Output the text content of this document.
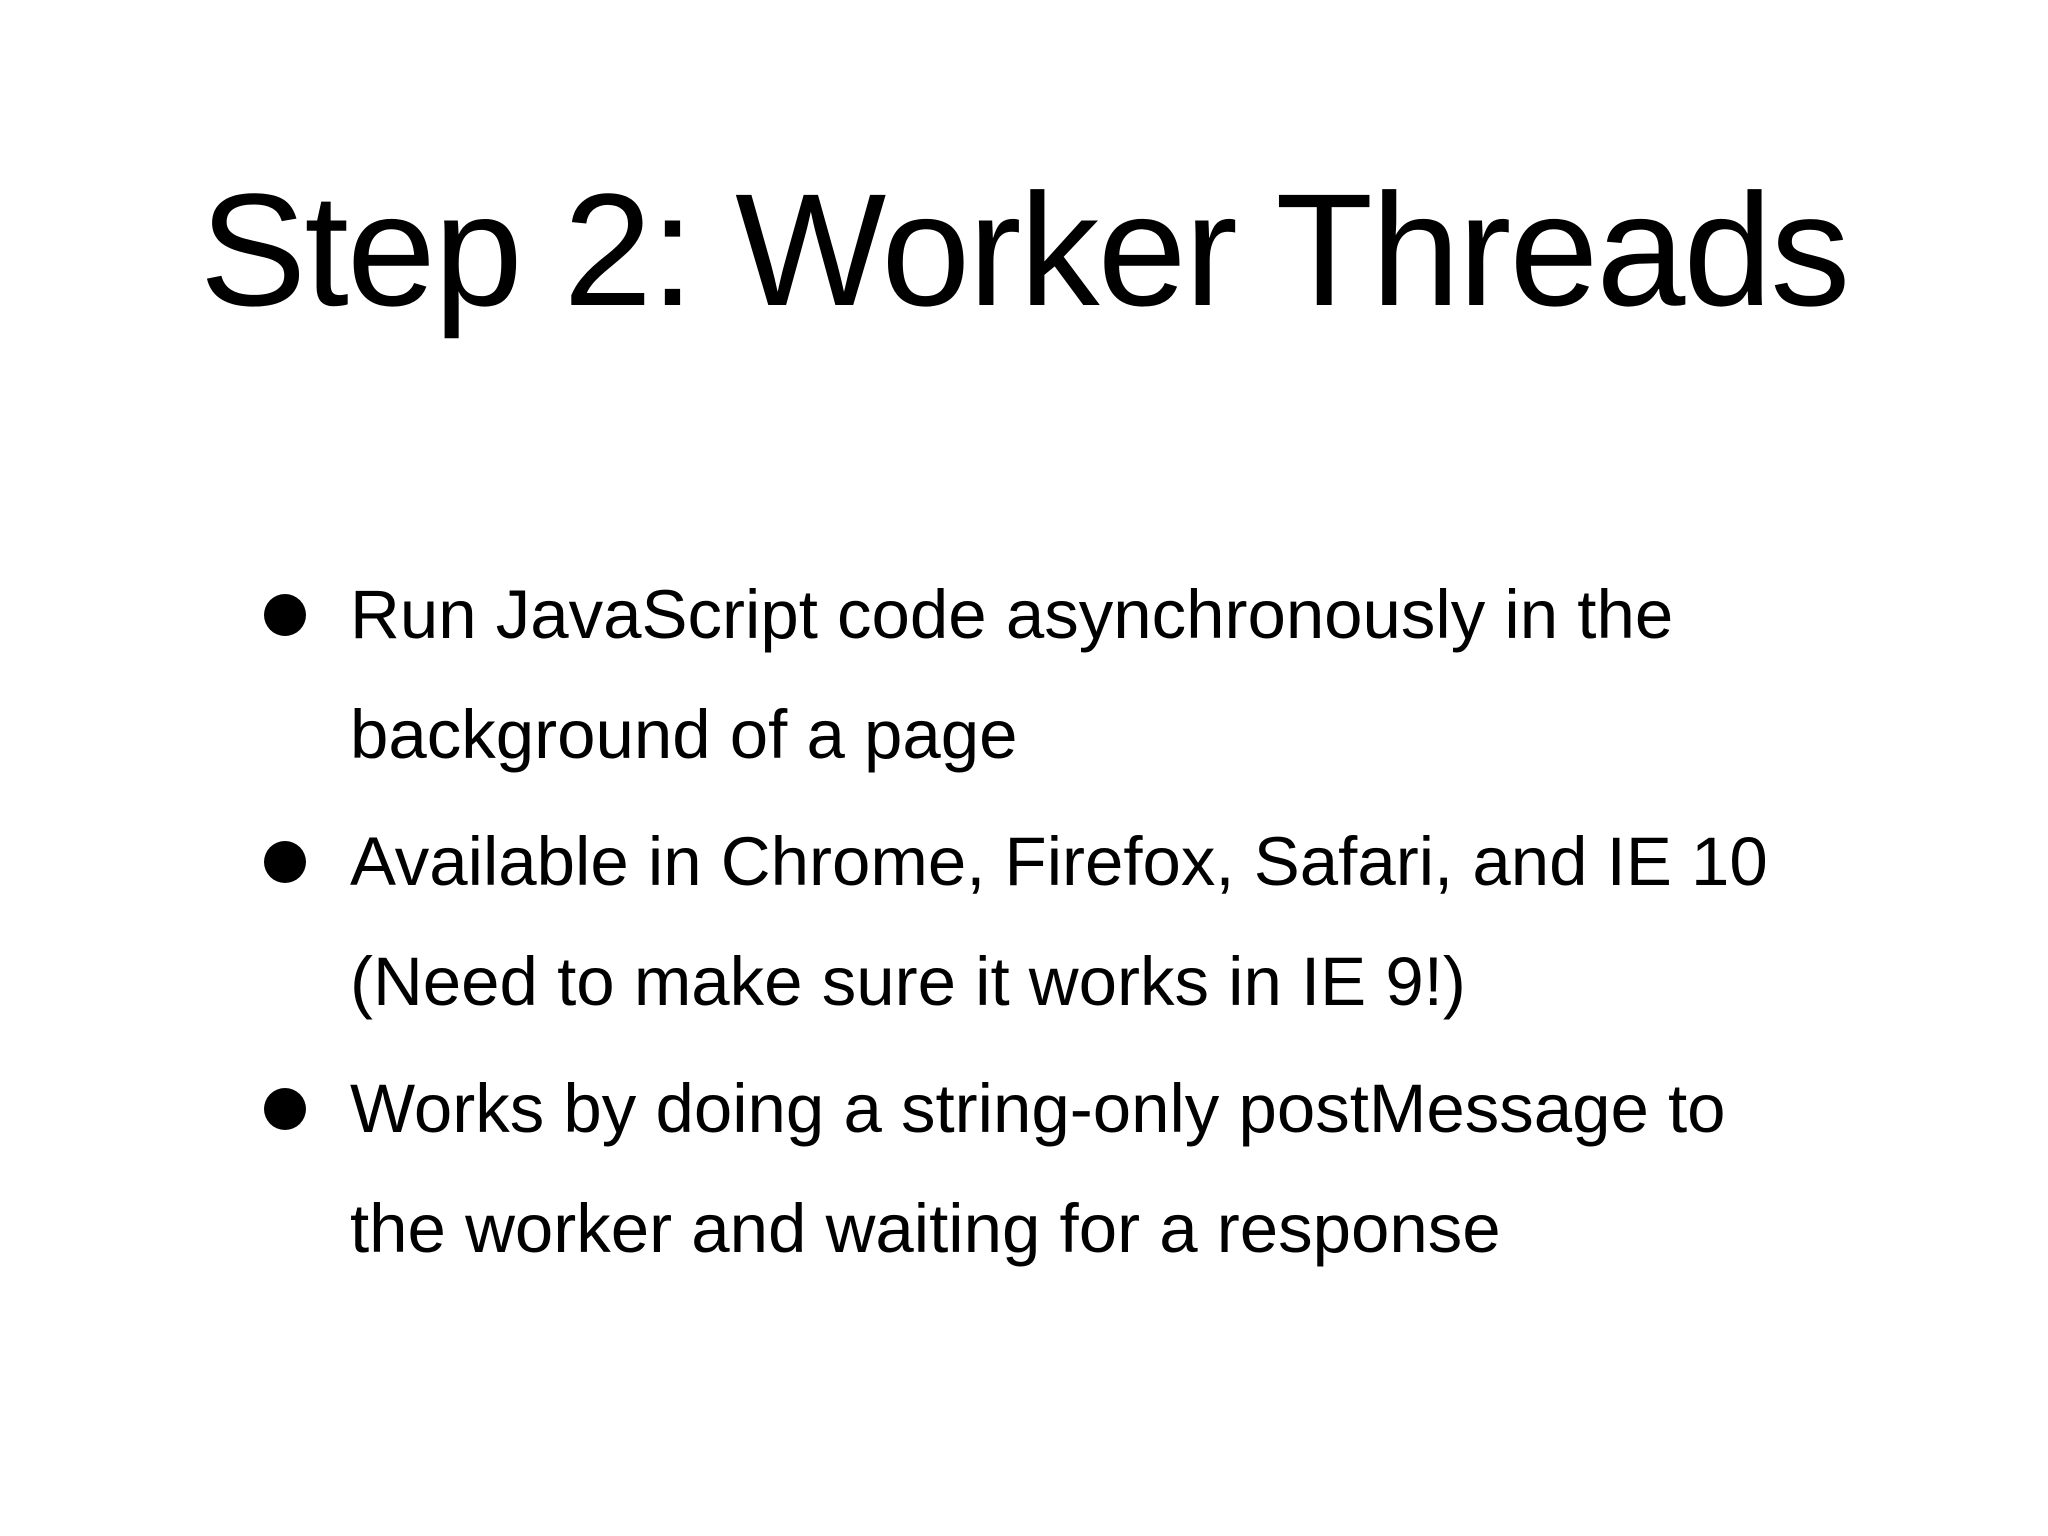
Step 2: Worker Threads
Run JavaScript code asynchronously in the background of a page
Available in Chrome, Firefox, Safari, and IE 10 (Need to make sure it works in IE 9!)
Works by doing a string-only postMessage to the worker and waiting for a response
